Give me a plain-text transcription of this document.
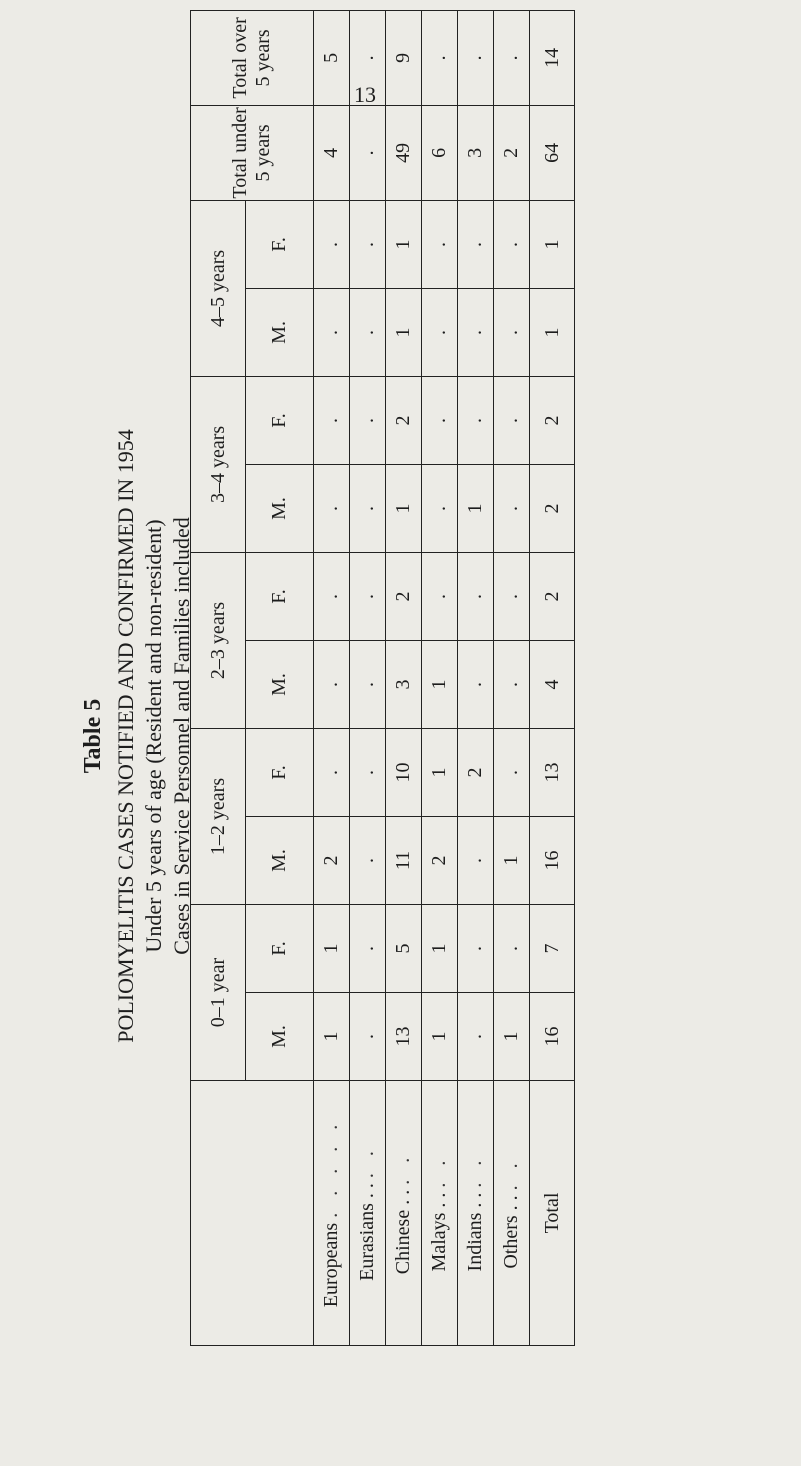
13
Table 5 POLIOMYELITIS CASES NOTIFIED AND CONFIRMED IN 1954 Under 5 years of age (Resident and non-resident) Cases in Service Personnel and Families included
	0–1 year		1–2 years		2–3 years		3–4 years		4–5 years		Total under 5 years	Total over 5 years
	M.	F.	M.	F.	M.	F.	M.	F.	M.	F.		
Europeans . . . . .	1	1	2	.	.	.	.	.	.	.	4	5
Eurasians . . . .	.	.	.	.	.	.	.	.	.	.	.	.
Chinese . . . .	13	5	11	10	3	2	1	2	1	1	49	9
Malays . . . .	1	1	2	1	1	.	.	.	.	.	6	.
Indians . . . .	.	.	.	2	.	.	1	.	.	.	3	.
Others . . . .	1	.	1	.	.	.	.	.	.	.	2	.
Total	16	7	16	13	4	2	2	2	1	1	64	14
